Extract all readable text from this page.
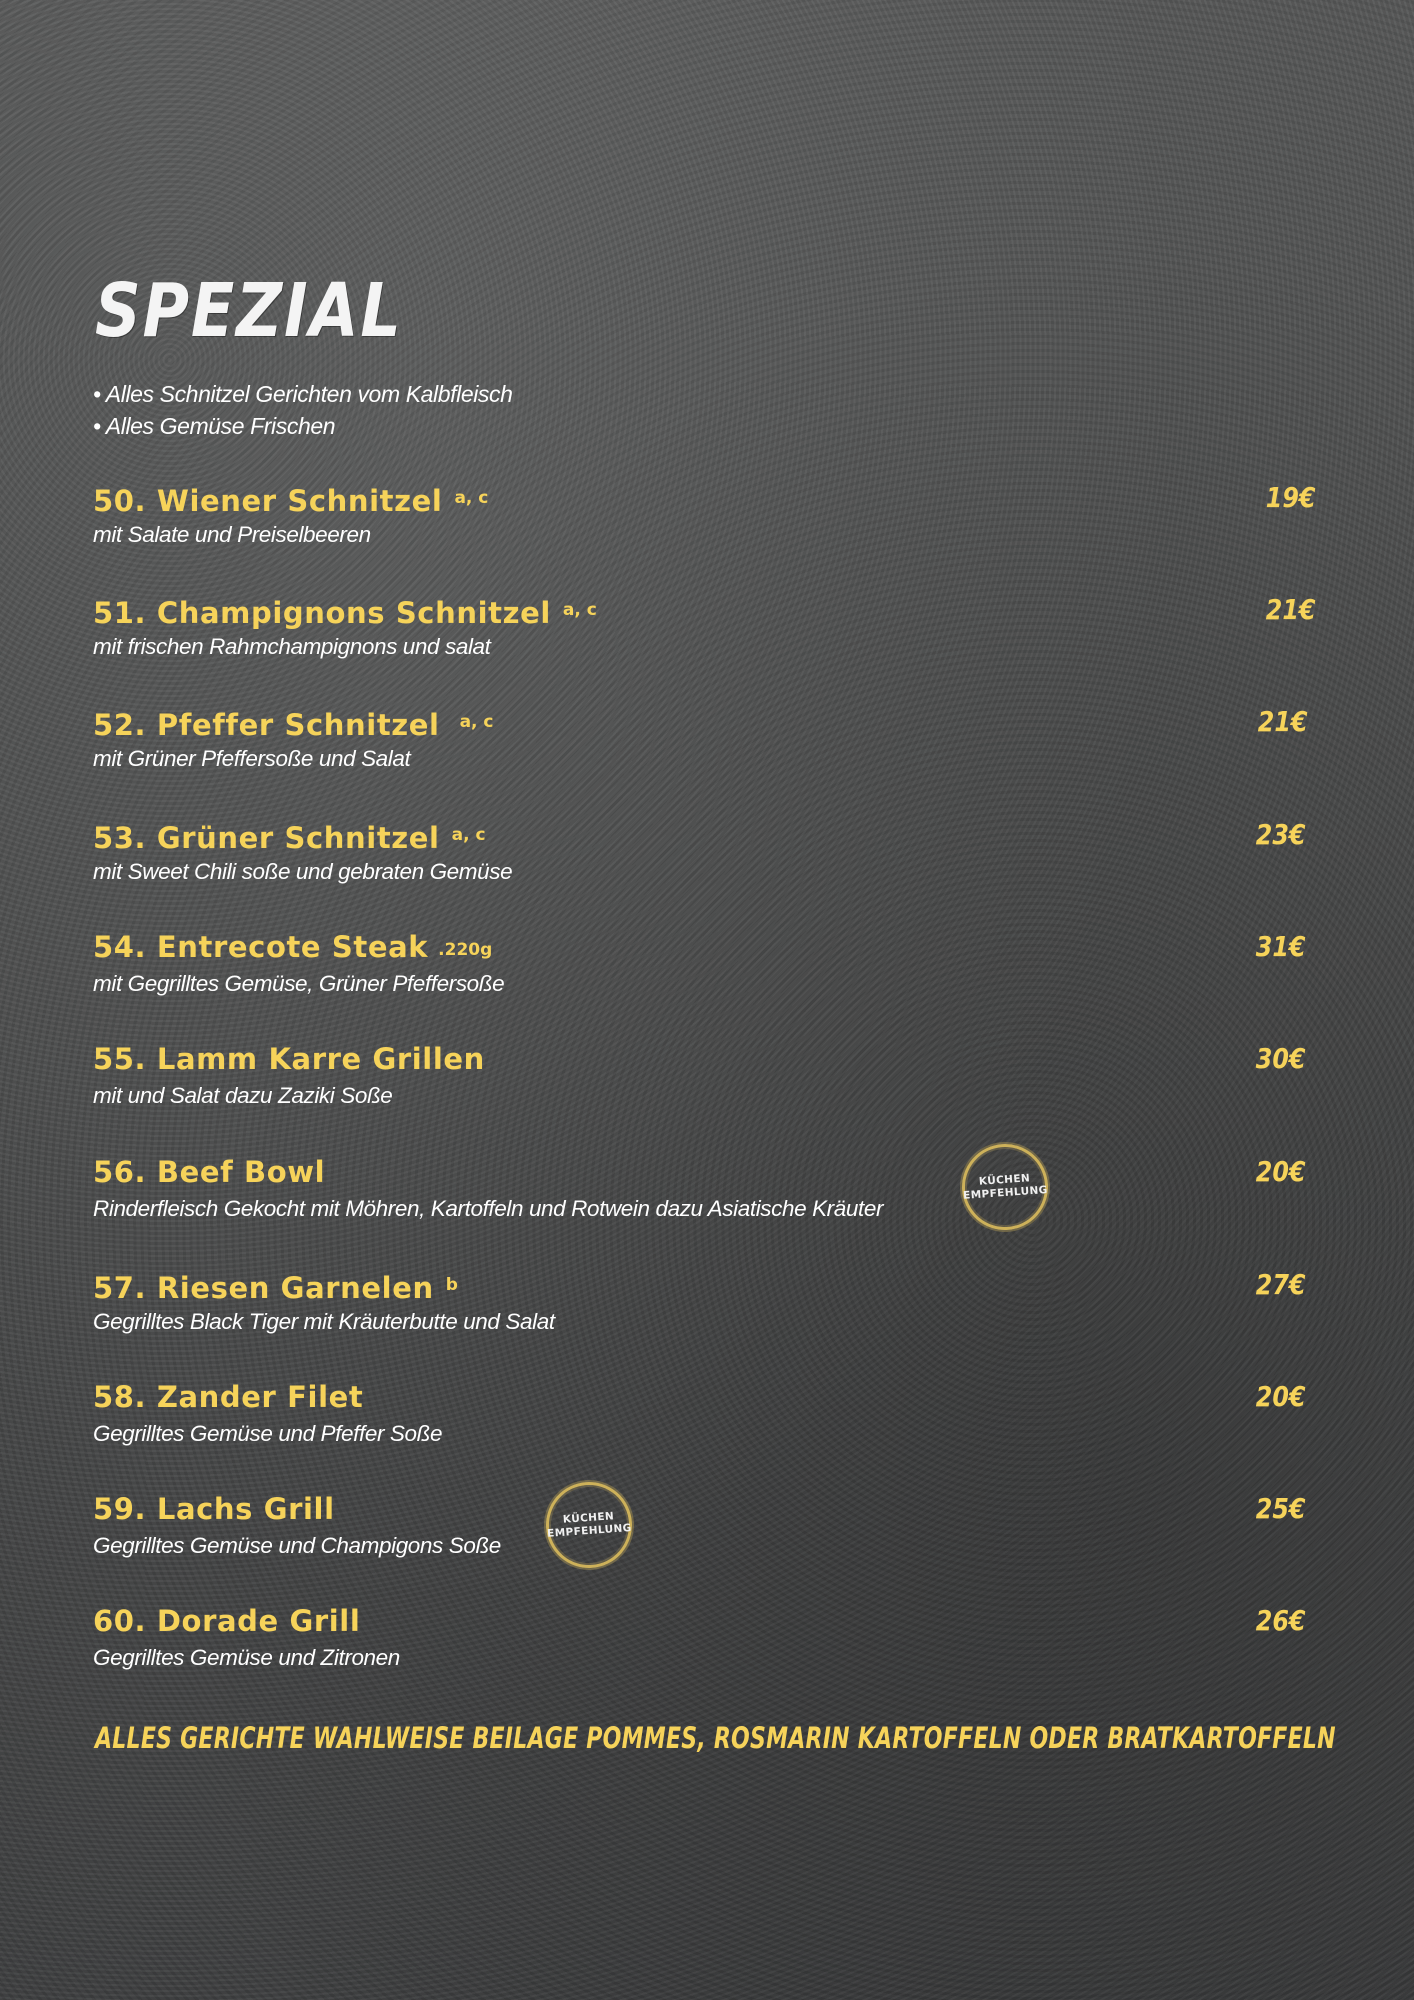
SPEZIAL
• Alles Schnitzel Gerichten vom Kalbfleisch
• Alles Gemüse Frischen
50. Wiener Schnitzel $^{a, c}$
mit Salate und Preiselbeeren
19€
51. Champignons Schnitzel $^{a, c}$
mit frischen Rahmchampignons und salat
21€
52. Pfeffer Schnitzel $^{a, c}$
mit Grüner Pfeffersoße und Salat
21€
53. Grüner Schnitzel $^{a, c}$
mit Sweet Chili soße und gebraten Gemüse
23€
54. Entrecote Steak .220g
mit Gegrilltes Gemüse, Grüner Pfeffersoße
31€
55. Lamm Karre Grillen
mit und Salat dazu Zaziki Soße
30€
56. Beef Bowl
Rinderfleisch Gekocht mit Möhren, Kartoffeln und Rotwein dazu Asiatische Kräuter
20€
57. Riesen Garnelen $^b$
Gegrilltes Black Tiger mit Kräuterbutte und Salat
27€
58. Zander Filet
Gegrilltes Gemüse und Pfeffer Soße
20€
59. Lachs Grill
Gegrilltes Gemüse und Champigons Soße
25€
60. Dorade Grill
Gegrilltes Gemüse und Zitronen
26€
KÜCHEN
EMPFEHLUNG
KÜCHEN
EMPFEHLUNG

ALLES GERICHTE WAHLWEISE BEILAGE POMMES, ROSMARIN KARTOFFELN ODER BRATKARTOFFELN
